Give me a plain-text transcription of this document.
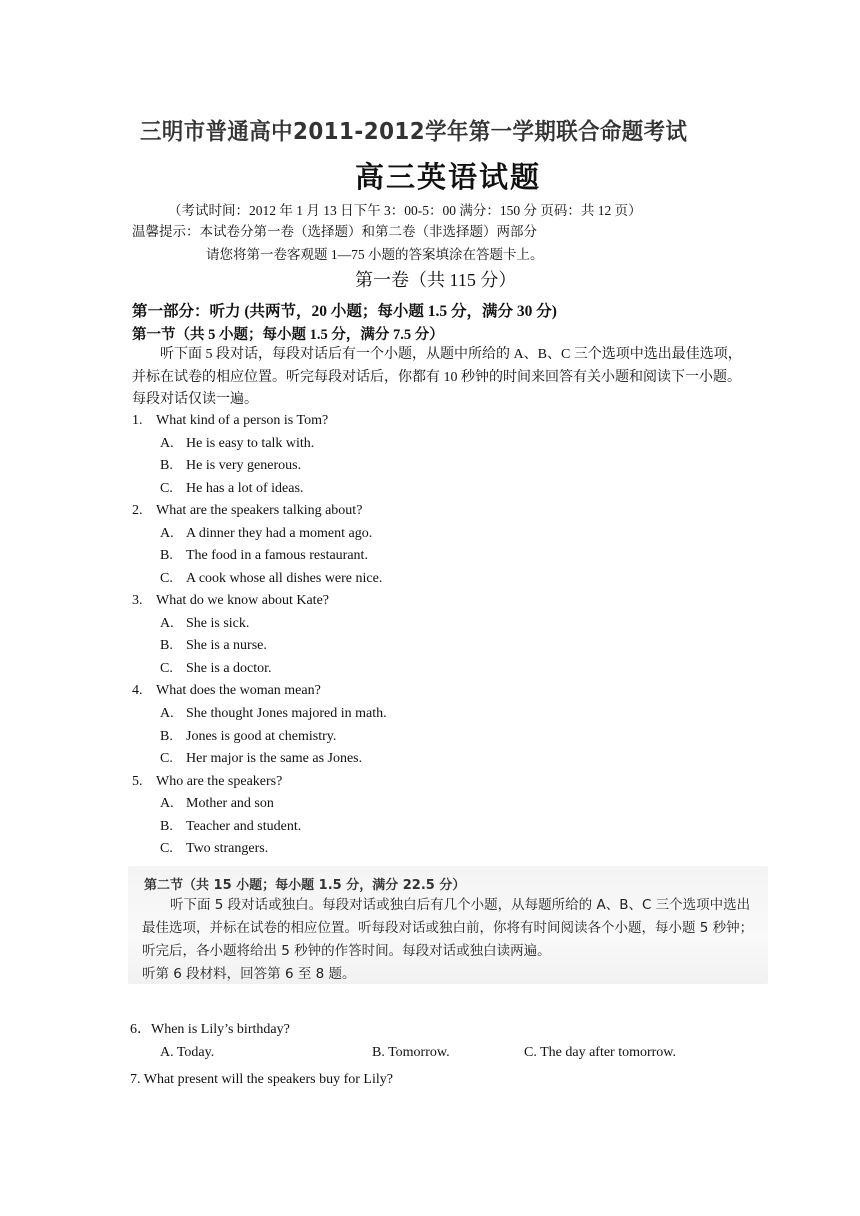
三明市普通高中2011-2012学年第一学期联合命题考试
高三英语试题
（考试时间：2012 年 1 月 13 日下午 3：00-5：00 满分：150 分 页码：共 12 页）
温馨提示：本试卷分第一卷（选择题）和第二卷（非选择题）两部分
请您将第一卷客观题 1—75 小题的答案填涂在答题卡上。
第一卷（共 115 分）
第一部分：听力 (共两节，20 小题；每小题 1.5 分，满分 30 分)
第一节（共 5 小题；每小题 1.5 分，满分 7.5 分）
听下面 5 段对话，每段对话后有一个小题，从题中所给的 A、B、C 三个选项中选出最佳选项，并标在试卷的相应位置。听完每段对话后，你都有 10 秒钟的时间来回答有关小题和阅读下一小题。每段对话仅读一遍。
1. What kind of a person is Tom?
A. He is easy to talk with.
B. He is very generous.
C. He has a lot of ideas.
2. What are the speakers talking about?
A. A dinner they had a moment ago.
B. The food in a famous restaurant.
C. A cook whose all dishes were nice.
3. What do we know about Kate?
A. She is sick.
B. She is a nurse.
C. She is a doctor.
4. What does the woman mean?
A. She thought Jones majored in math.
B. Jones is good at chemistry.
C. Her major is the same as Jones.
5. Who are the speakers?
A. Mother and son
B. Teacher and student.
C. Two strangers.
第二节（共 15 小题；每小题 1.5 分，满分 22.5 分）
听下面 5 段对话或独白。每段对话或独白后有几个小题，从每题所给的 A、B、C 三个选项中选出最佳选项，并标在试卷的相应位置。听每段对话或独白前，你将有时间阅读各个小题，每小题 5 秒钟；听完后，各小题将给出 5 秒钟的作答时间。每段对话或独白读两遍。
听第 6 段材料，回答第 6 至 8 题。
6．When is Lily’s birthday?
A. Today.	B. Tomorrow.	C. The day after tomorrow.
7. What present will the speakers buy for Lily?
